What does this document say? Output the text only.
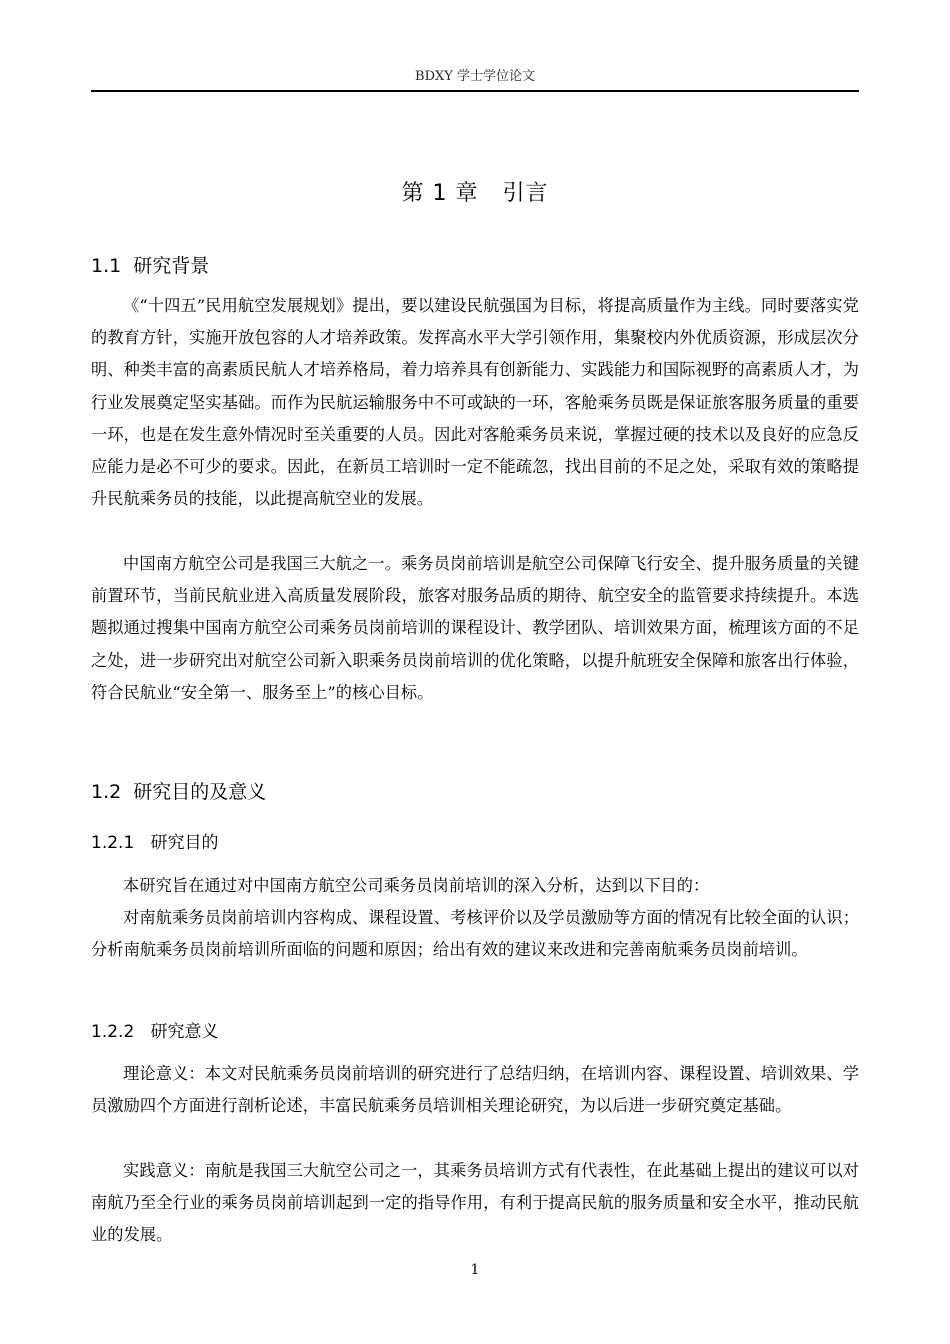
BDXY 学士学位论文
第 1 章   引言
1.1  研究背景

《“十四五”民用航空发展规划》提出，要以建设民航强国为目标，将提高质量作为主线。同时要落实党的教育方针，实施开放包容的人才培养政策。发挥高水平大学引领作用，集聚校内外优质资源，形成层次分明、种类丰富的高素质民航人才培养格局，着力培养具有创新能力、实践能力和国际视野的高素质人才，为行业发展奠定坚实基础。而作为民航运输服务中不可或缺的一环，客舱乘务员既是保证旅客服务质量的重要一环，也是在发生意外情况时至关重要的人员。因此对客舱乘务员来说，掌握过硬的技术以及良好的应急反应能力是必不可少的要求。因此，在新员工培训时一定不能疏忽，找出目前的不足之处，采取有效的策略提升民航乘务员的技能，以此提高航空业的发展。

中国南方航空公司是我国三大航之一。乘务员岗前培训是航空公司保障飞行安全、提升服务质量的关键前置环节，当前民航业进入高质量发展阶段，旅客对服务品质的期待、航空安全的监管要求持续提升。本选题拟通过搜集中国南方航空公司乘务员岗前培训的课程设计、教学团队、培训效果方面，梳理该方面的不足之处，进一步研究出对航空公司新入职乘务员岗前培训的优化策略，以提升航班安全保障和旅客出行体验，符合民航业“安全第一、服务至上”的核心目标。

1.2  研究目的及意义
1.2.1   研究目的

本研究旨在通过对中国南方航空公司乘务员岗前培训的深入分析，达到以下目的：

对南航乘务员岗前培训内容构成、课程设置、考核评价以及学员激励等方面的情况有比较全面的认识；分析南航乘务员岗前培训所面临的问题和原因；给出有效的建议来改进和完善南航乘务员岗前培训。

1.2.2   研究意义

理论意义：本文对民航乘务员岗前培训的研究进行了总结归纳，在培训内容、课程设置、培训效果、学员激励四个方面进行剖析论述，丰富民航乘务员培训相关理论研究，为以后进一步研究奠定基础。

实践意义：南航是我国三大航空公司之一，其乘务员培训方式有代表性，在此基础上提出的建议可以对南航乃至全行业的乘务员岗前培训起到一定的指导作用，有利于提高民航的服务质量和安全水平，推动民航业的发展。

1
